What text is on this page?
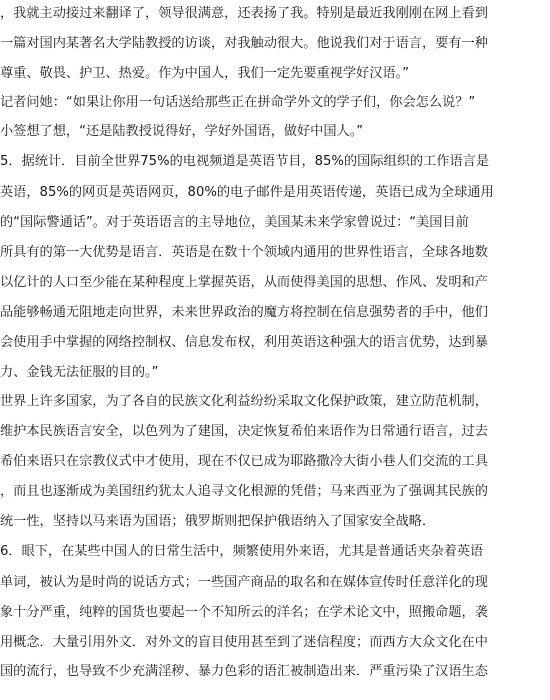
，我就主动接过来翻译了，领导很满意，还表扬了我。特别是最近我刚刚在网上看到
一篇对国内某著名大学陆教授的访谈，对我触动很大。他说我们对于语言，要有一种
尊重、敬畏、护卫、热爱。作为中国人，我们一定先要重视学好汉语。”
记者问她：“如果让你用一句话送给那些正在拼命学外文的学子们，你会怎么说？”
小签想了想，“还是陆教授说得好，学好外国语，做好中国人。”
5．据统计．目前全世界75%的电视频道是英语节目，85%的国际组织的工作语言是
英语，85%的网页是英语网页，80%的电子邮件是用英语传递，英语已成为全球通用
的“国际警通话”。对于英语语言的主导地位，美国某未来学家曾说过：“美国目前
所具有的第一大优势是语言．英语是在数十个领域内通用的世界性语言，全球各地数
以亿计的人口至少能在某种程度上掌握英语，从而使得美国的思想、作风、发明和产
品能够畅通无阻地走向世界，未来世界政治的魔方将控制在信息强势者的手中，他们
会使用手中掌握的网络控制权、信息发布权，利用英语这种强大的语言优势，达到暴
力、金钱无法征服的目的。”
世界上许多国家，为了各自的民族文化利益纷纷采取文化保护政策，建立防范机制，
维护本民族语言安全，以色列为了建国，决定恢复希伯来语作为日常通行语言，过去
希伯来语只在宗教仪式中才使用，现在不仅已成为耶路撒冷大街小巷人们交流的工具
，而且也逐渐成为美国纽约犹太人追寻文化根源的凭借；马来西亚为了强调其民族的
统一性，坚持以马来语为国语；俄罗斯则把保护俄语纳入了国家安全战略．
6．眼下，在某些中国人的日常生活中，频繁使用外来语，尤其是普通话夹杂着英语
单词，被认为是时尚的说话方式；一些国产商品的取名和在媒体宣传时任意洋化的现
象十分严重，纯粹的国货也要起一个不知所云的洋名；在学术论文中，照搬命题，袭
用概念．大量引用外文．对外文的盲目使用甚至到了迷信程度；而西方大众文化在中
国的流行，也导致不少充满淫秽、暴力色彩的语汇被制造出来．严重污染了汉语生态
